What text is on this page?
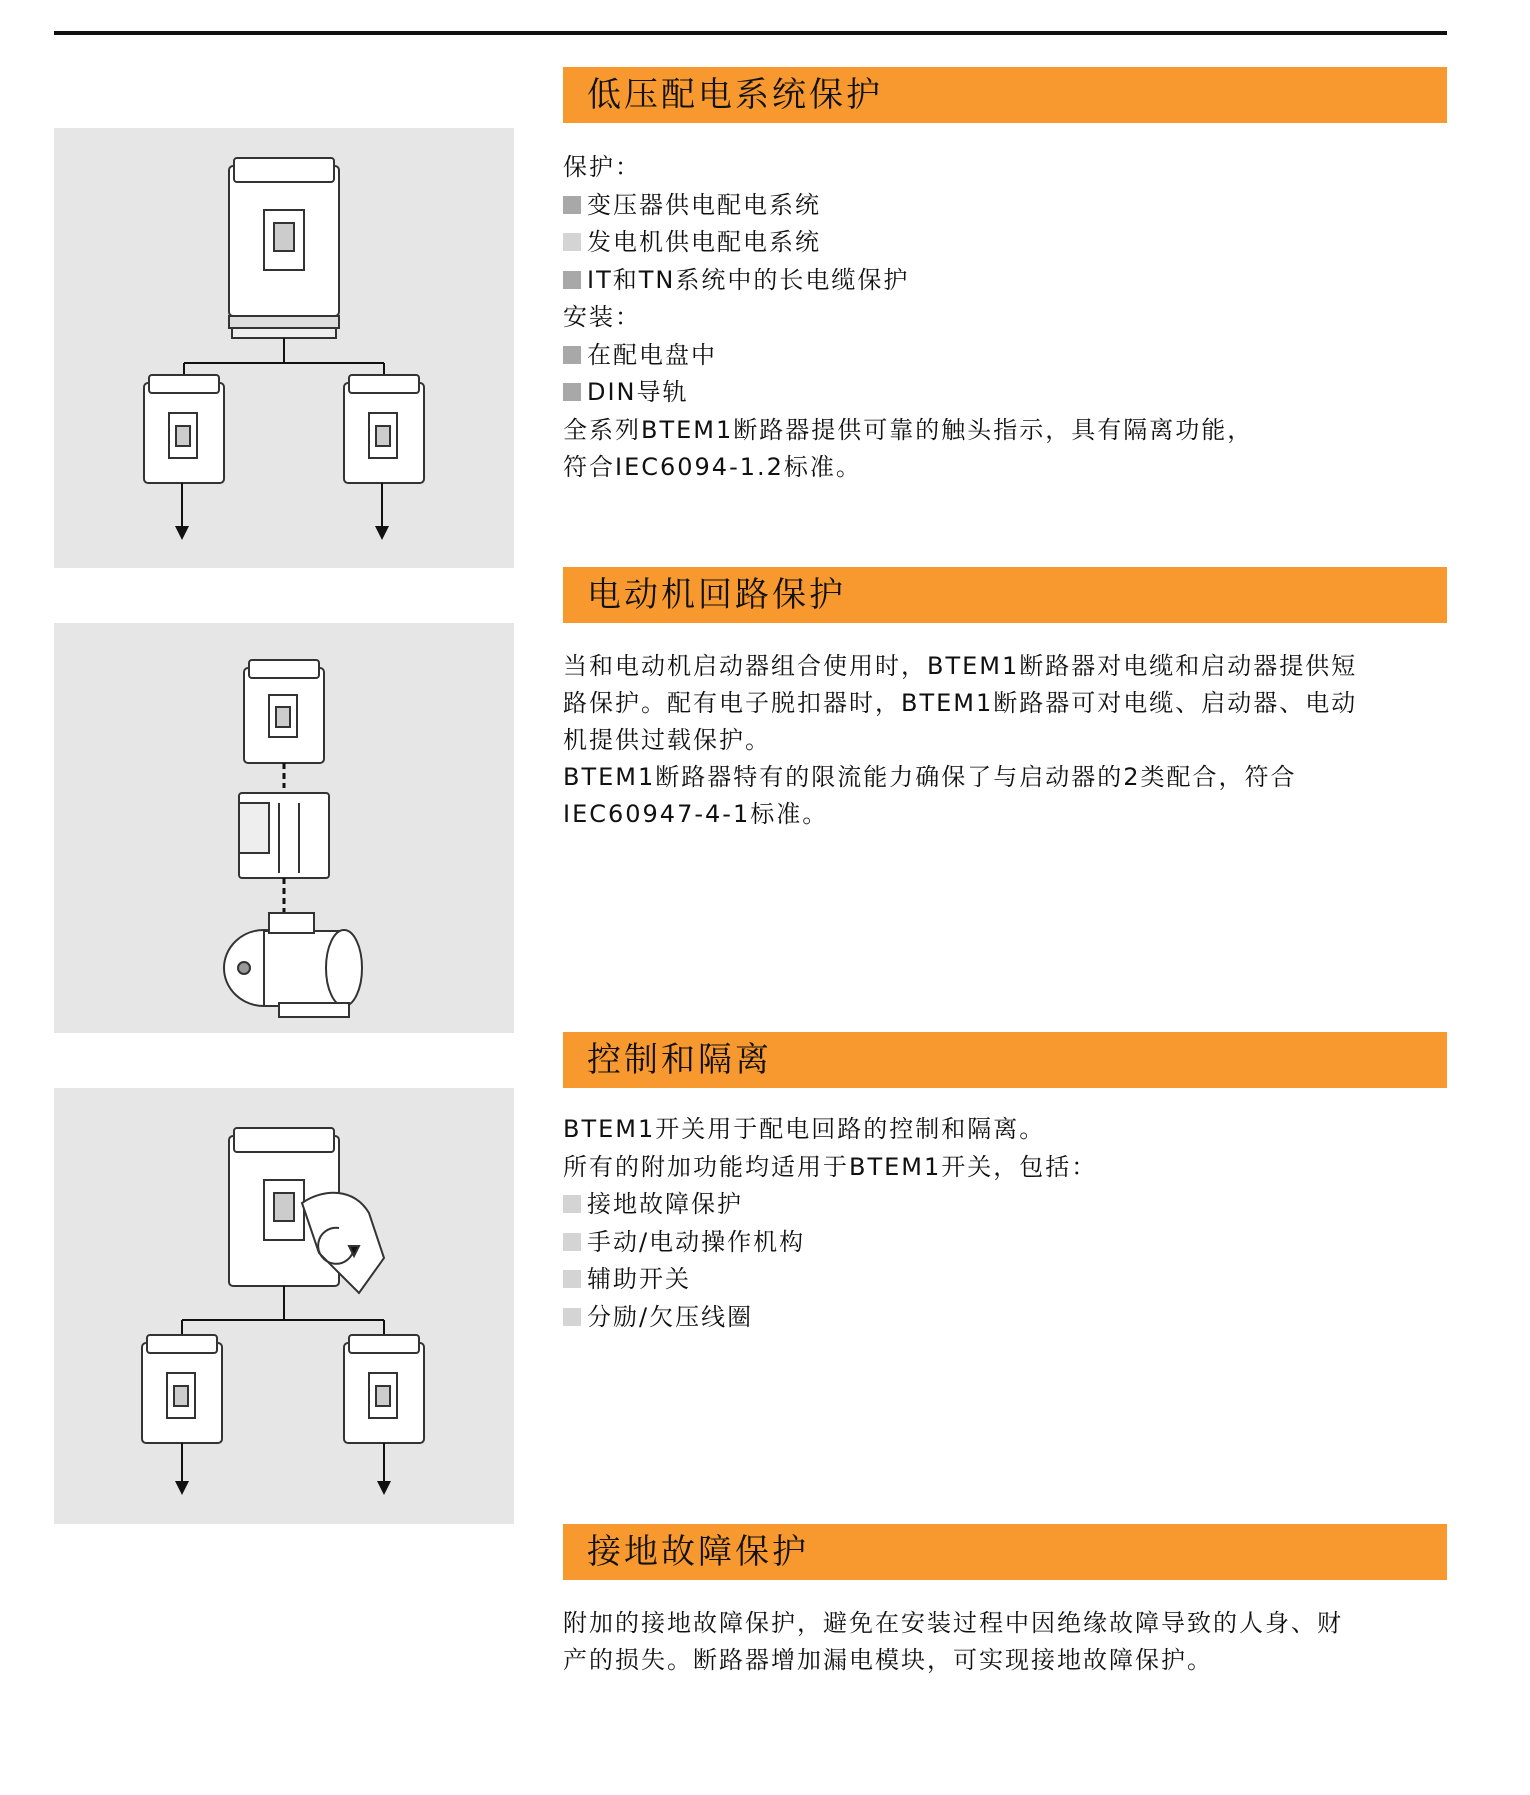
低压配电系统保护
保护：
变压器供电配电系统
发电机供电配电系统
IT和TN系统中的长电缆保护
安装：
在配电盘中
DIN导轨
全系列BTEM1断路器提供可靠的触头指示，具有隔离功能，
符合IEC6094-1.2标准。
电动机回路保护
当和电动机启动器组合使用时，BTEM1断路器对电缆和启动器提供短
路保护。配有电子脱扣器时，BTEM1断路器可对电缆、启动器、电动
机提供过载保护。
BTEM1断路器特有的限流能力确保了与启动器的2类配合，符合
IEC60947-4-1标准。
控制和隔离
BTEM1开关用于配电回路的控制和隔离。
所有的附加功能均适用于BTEM1开关，包括：
接地故障保护
手动/电动操作机构
辅助开关
分励/欠压线圈
接地故障保护
附加的接地故障保护，避免在安装过程中因绝缘故障导致的人身、财
产的损失。断路器增加漏电模块，可实现接地故障保护。
